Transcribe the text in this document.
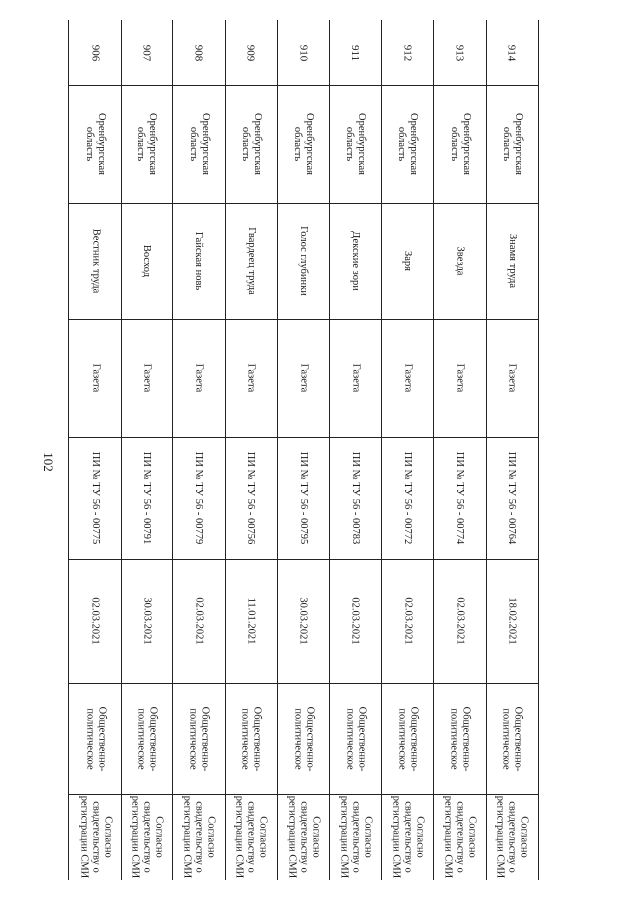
102
906
Оренбургская
область
Вестник труда
Газета
ПИ № ТУ 56 - 00775
02.03.2021
Общественно-
политическое
Согласно
свидетельству о
регистрации СМИ
907
Оренбургская
область
Восход
Газета
ПИ № ТУ 56 - 00791
30.03.2021
Общественно-
политическое
Согласно
свидетельству о
регистрации СМИ
908
Оренбургская
область
Гайская новь
Газета
ПИ № ТУ 56 - 00779
02.03.2021
Общественно-
политическое
Согласно
свидетельству о
регистрации СМИ
909
Оренбургская
область
Гвардеец труда
Газета
ПИ № ТУ 56 - 00756
11.01.2021
Общественно-
политическое
Согласно
свидетельству о
регистрации СМИ
910
Оренбургская
область
Голос глубинки
Газета
ПИ № ТУ 56 - 00795
30.03.2021
Общественно-
политическое
Согласно
свидетельству о
регистрации СМИ
911
Оренбургская
область
Декские зори
Газета
ПИ № ТУ 56 - 00783
02.03.2021
Общественно-
политическое
Согласно
свидетельству о
регистрации СМИ
912
Оренбургская
область
Заря
Газета
ПИ № ТУ 56 - 00772
02.03.2021
Общественно-
политическое
Согласно
свидетельству о
регистрации СМИ
913
Оренбургская
область
Звезда
Газета
ПИ № ТУ 56 - 00774
02.03.2021
Общественно-
политическое
Согласно
свидетельству о
регистрации СМИ
914
Оренбургская
область
Знамя труда
Газета
ПИ № ТУ 56 - 00764
18.02.2021
Общественно-
политическое
Согласно
свидетельству о
регистрации СМИ
